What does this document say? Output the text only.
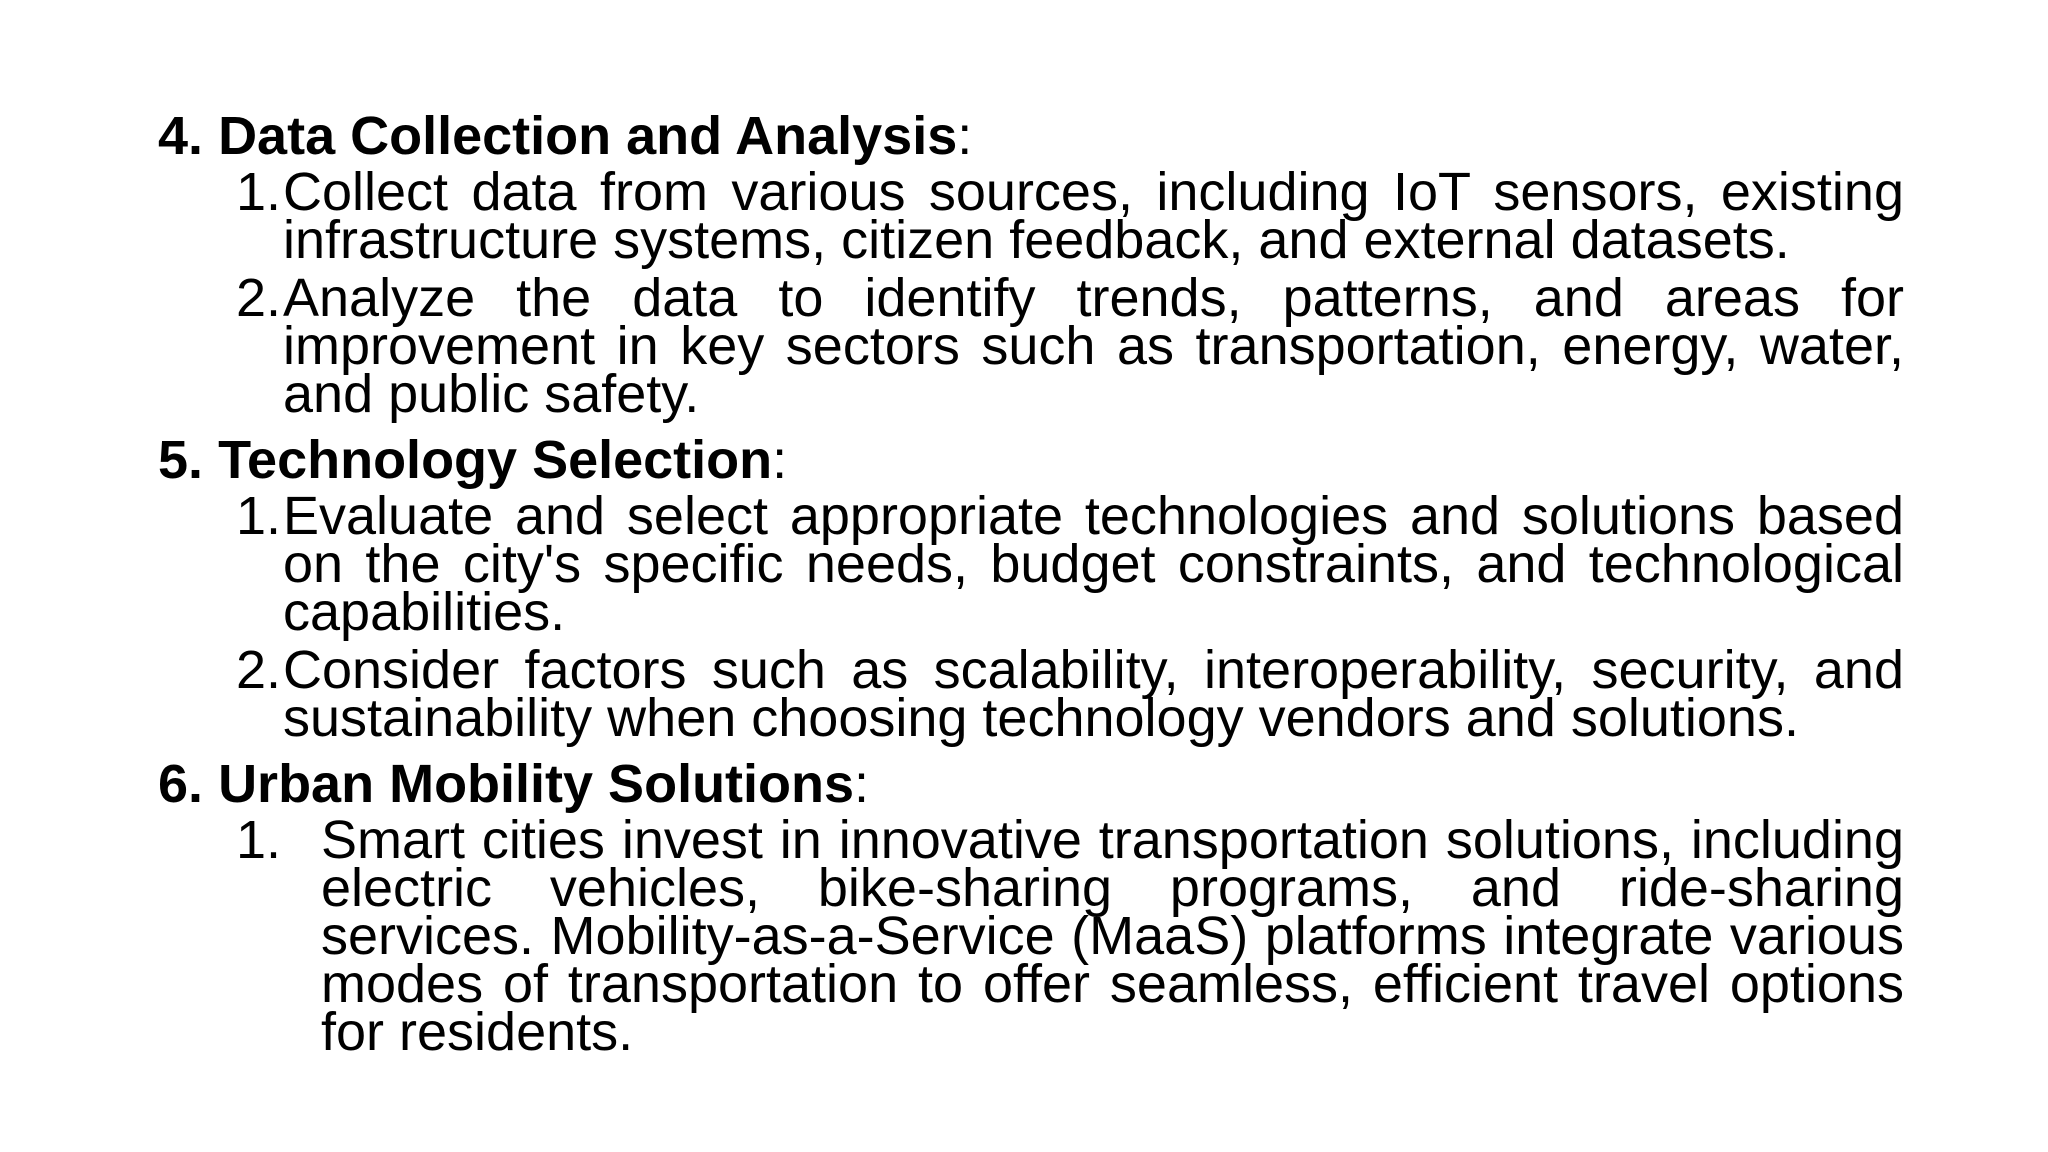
4. Data Collection and Analysis:

1. Collect data from various sources, including IoT sensors, existing infrastructure systems, citizen feedback, and external datasets.
2. Analyze the data to identify trends, patterns, and areas for improvement in key sectors such as transportation, energy, water, and public safety.

5. Technology Selection:

1. Evaluate and select appropriate technologies and solutions based on the city's specific needs, budget constraints, and technological capabilities.
2. Consider factors such as scalability, interoperability, security, and sustainability when choosing technology vendors and solutions.

6. Urban Mobility Solutions:

1. Smart cities invest in innovative transportation solutions, including electric vehicles, bike-sharing programs, and ride-sharing services. Mobility-as-a-Service (MaaS) platforms integrate various modes of transportation to offer seamless, efficient travel options for residents.
